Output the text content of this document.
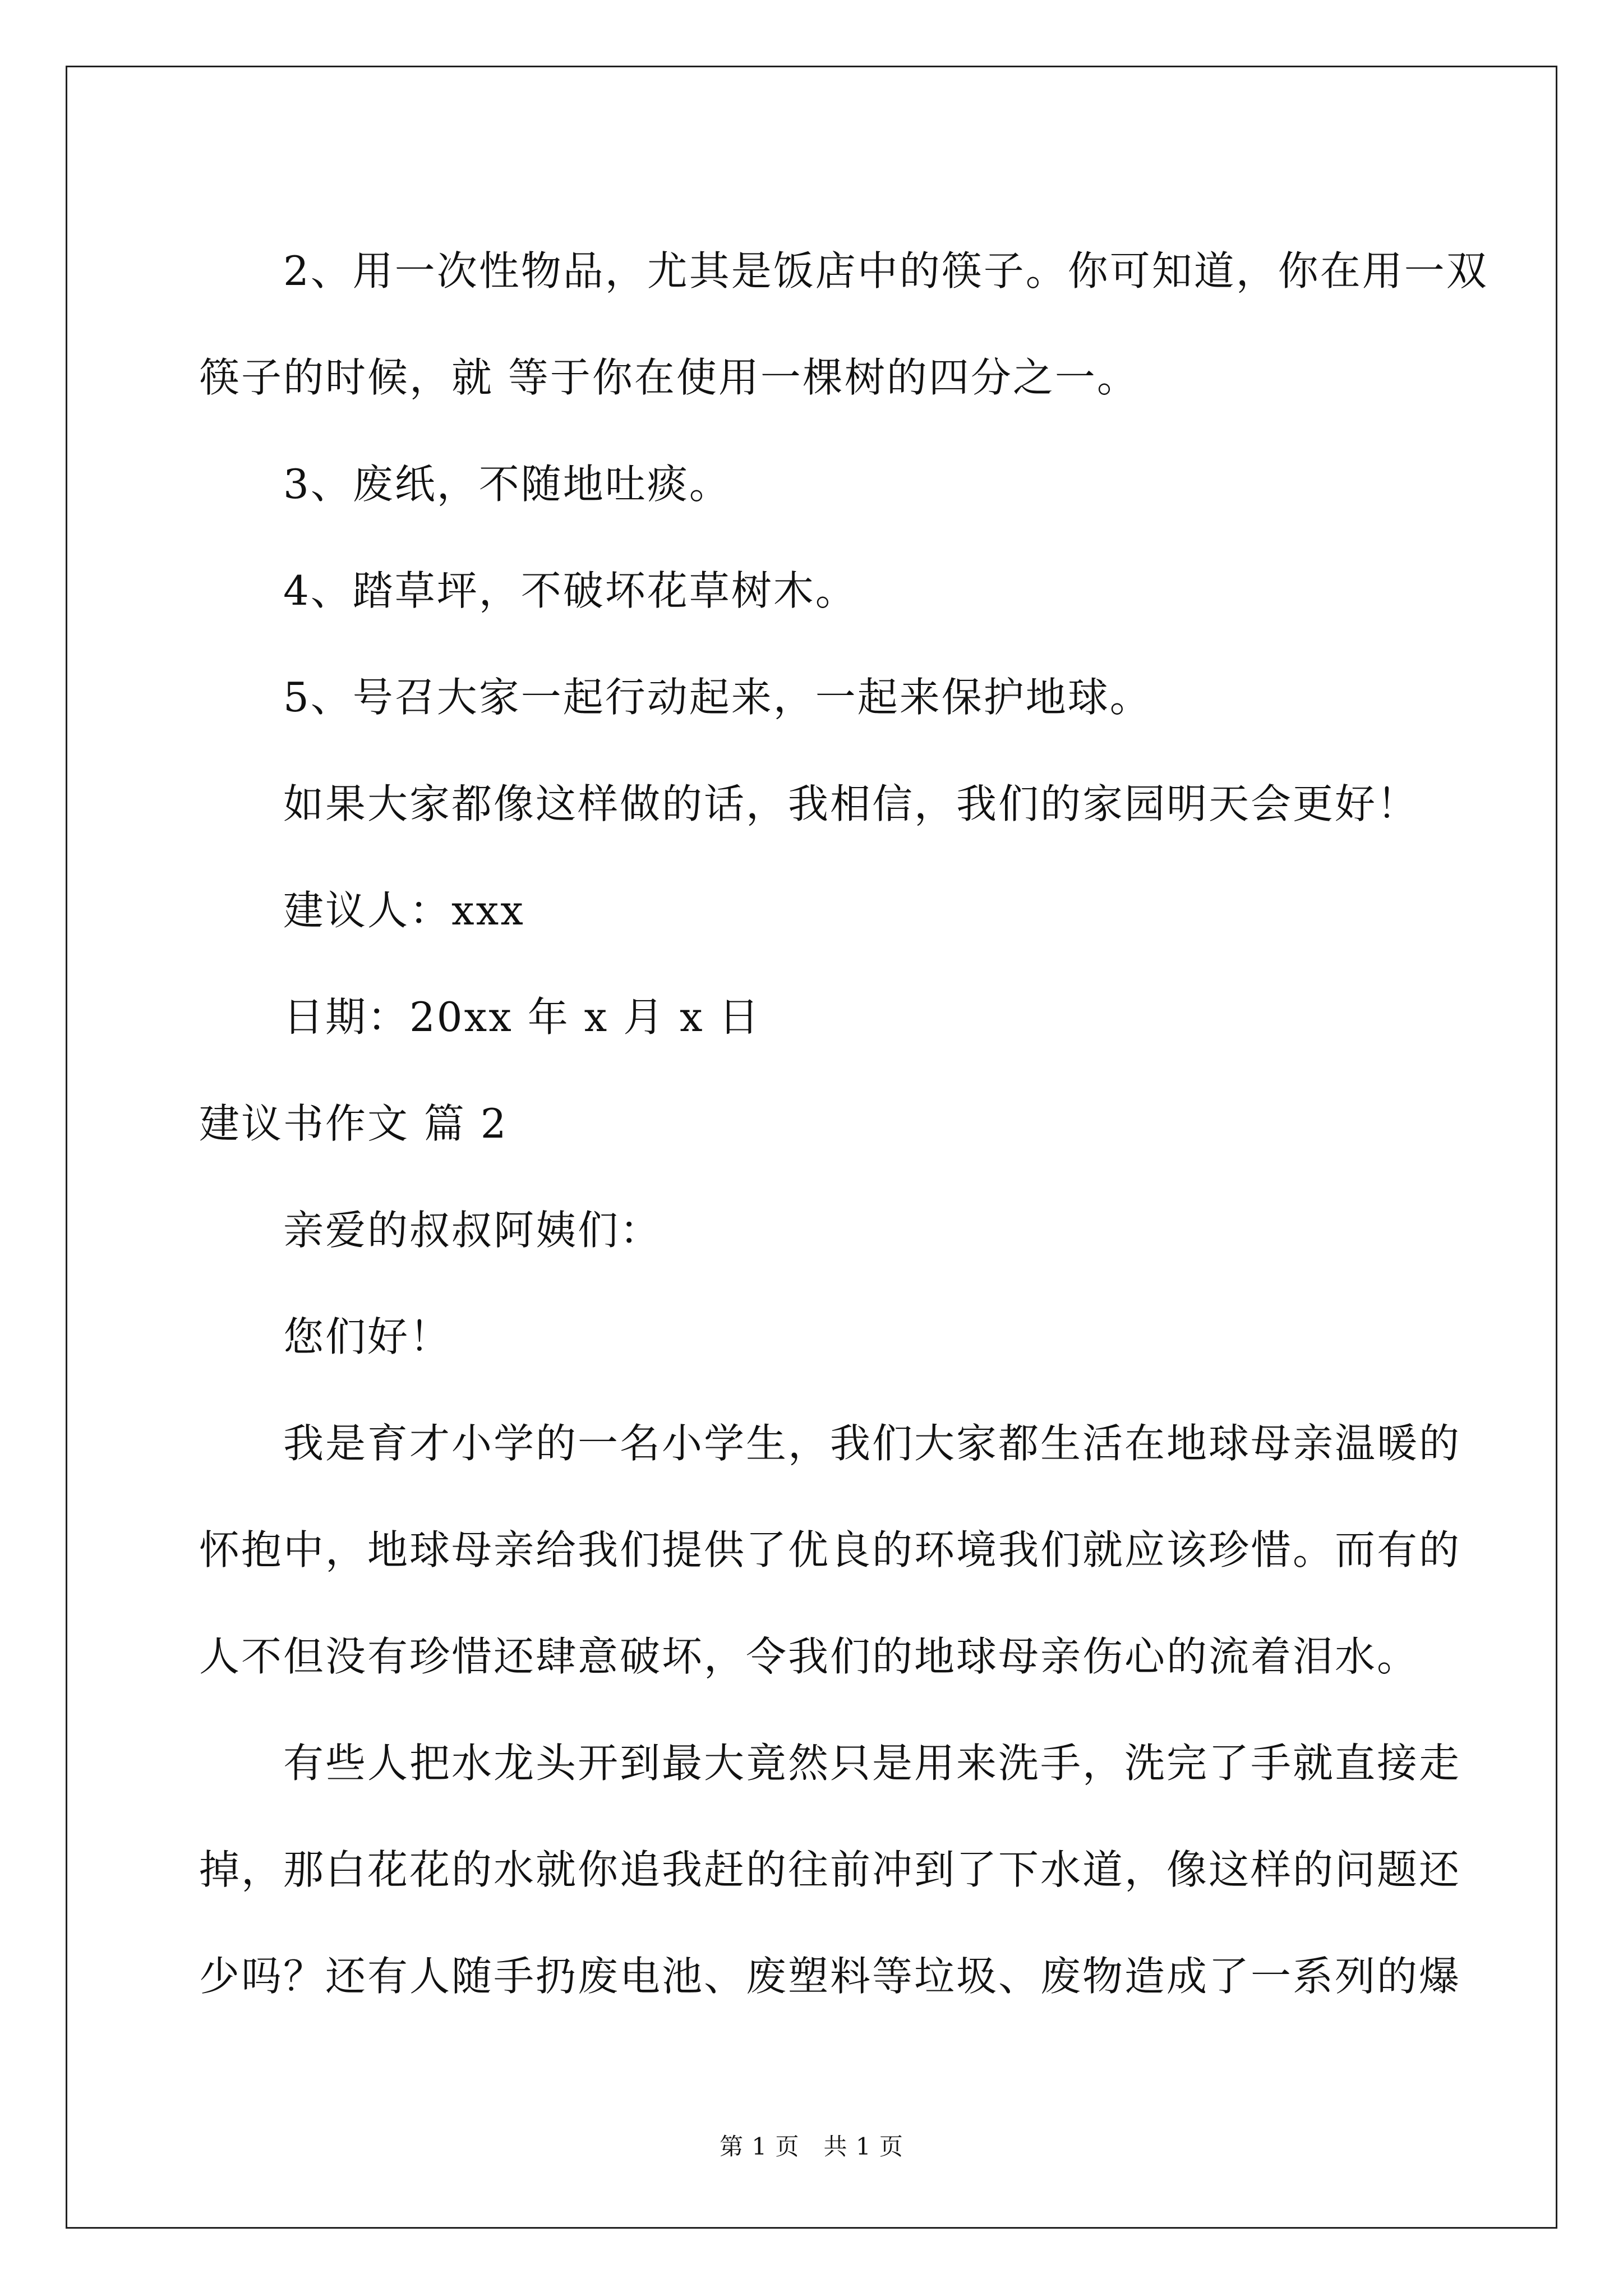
2、用一次性物品，尤其是饭店中的筷子。你可知道，你在用一双
筷子的时候，就 等于你在使用一棵树的四分之一。
3、废纸，不随地吐痰。
4、踏草坪，不破坏花草树木。
5、号召大家一起行动起来，一起来保护地球。
如果大家都像这样做的话，我相信，我们的家园明天会更好！
建议人：xxx
日期：20xx 年 x 月 x 日
建议书作文 篇 2
亲爱的叔叔阿姨们：
您们好！
我是育才小学的一名小学生，我们大家都生活在地球母亲温暖的
怀抱中，地球母亲给我们提供了优良的环境我们就应该珍惜。而有的
人不但没有珍惜还肆意破坏，令我们的地球母亲伤心的流着泪水。
有些人把水龙头开到最大竟然只是用来洗手，洗完了手就直接走
掉，那白花花的水就你追我赶的往前冲到了下水道，像这样的问题还
少吗？还有人随手扔废电池、废塑料等垃圾、废物造成了一系列的爆
第 1 页　共 1 页
